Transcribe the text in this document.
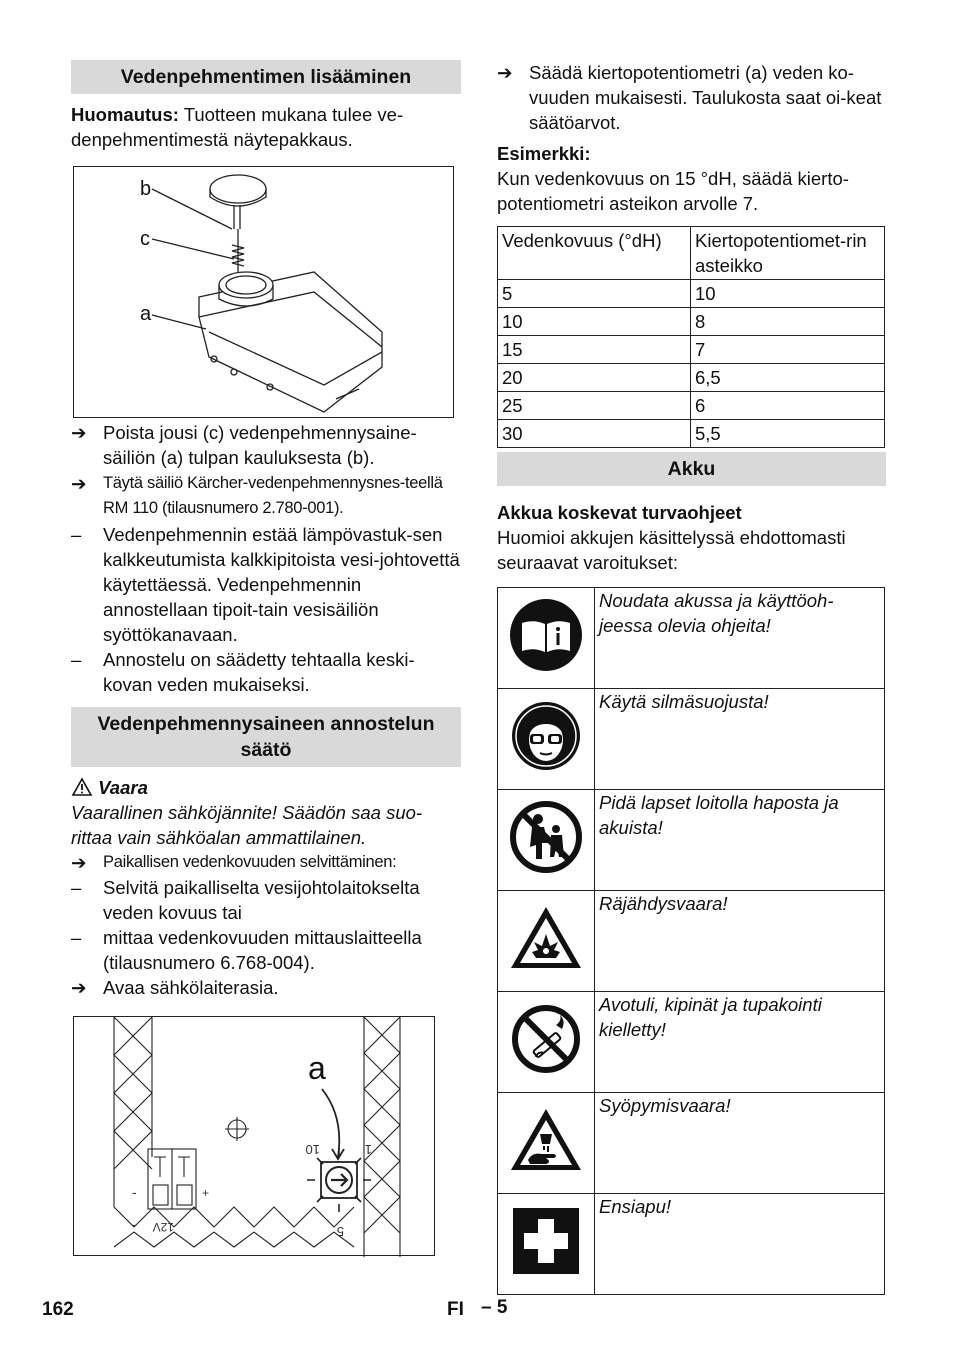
Vedenpehmentimen lisääminen
Huomautus: Tuotteen mukana tulee ve-denpehmentimestä näytepakkaus.
b
c
a
➔ Poista jousi (c) vedenpehmennysaine-säiliön (a) tulpan kauluksesta (b).
➔	Täytä säiliö Kärcher-vedenpehmennysnes-teellä RM 110 (tilausnumero 2.780-001).
–	Vedenpehmennin estää lämpövastuk-sen kalkkeutumista kalkkipitoista vesi-johtovettä käytettäessä. Vedenpehmennin annostellaan tipoit-tain vesisäiliön syöttökanavaan.
–	Annostelu on säädetty tehtaalla keski-kovan veden mukaiseksi.
Vedenpehmennysaineen annostelun säätö
Vaara
Vaarallinen sähköjännite! Säädön saa suo-rittaa vain sähköalan ammattilainen.
➔	Paikallisen vedenkovuuden selvittäminen:
–	Selvitä paikalliselta vesijohtolaitokselta veden kovuus tai
–	mittaa vedenkovuuden mittauslaitteella (tilausnumero 6.768-004).
➔ Avaa sähkölaiterasia.
a
10	1
5
12V
+
-
-
➔ Säädä kiertopotentiometri (a) veden ko-vuuden mukaisesti. Taulukosta saat oi-keat säätöarvot.
Esimerkki:
Kun vedenkovuus on 15 °dH, säädä kierto-potentiometri asteikon arvolle 7.
Vedenkovuus (°dH)	Kiertopotentiomet-rin asteikko
5	10
10	8
15	7
20	6,5
25	6
30	5,5
Akku
Akkua koskevat turvaohjeet
Huomioi akkujen käsittelyssä ehdottomasti seuraavat varoitukset:
	Noudata akussa ja käyttöoh-jeessa olevia ohjeita!
	Käytä silmäsuojusta!
	Pidä lapset loitolla haposta ja akuista!
	Räjähdysvaara!
	Avotuli, kipinät ja tupakointi kielletty!
	Syöpymisvaara!
	Ensiapu!
162	FI – 5
